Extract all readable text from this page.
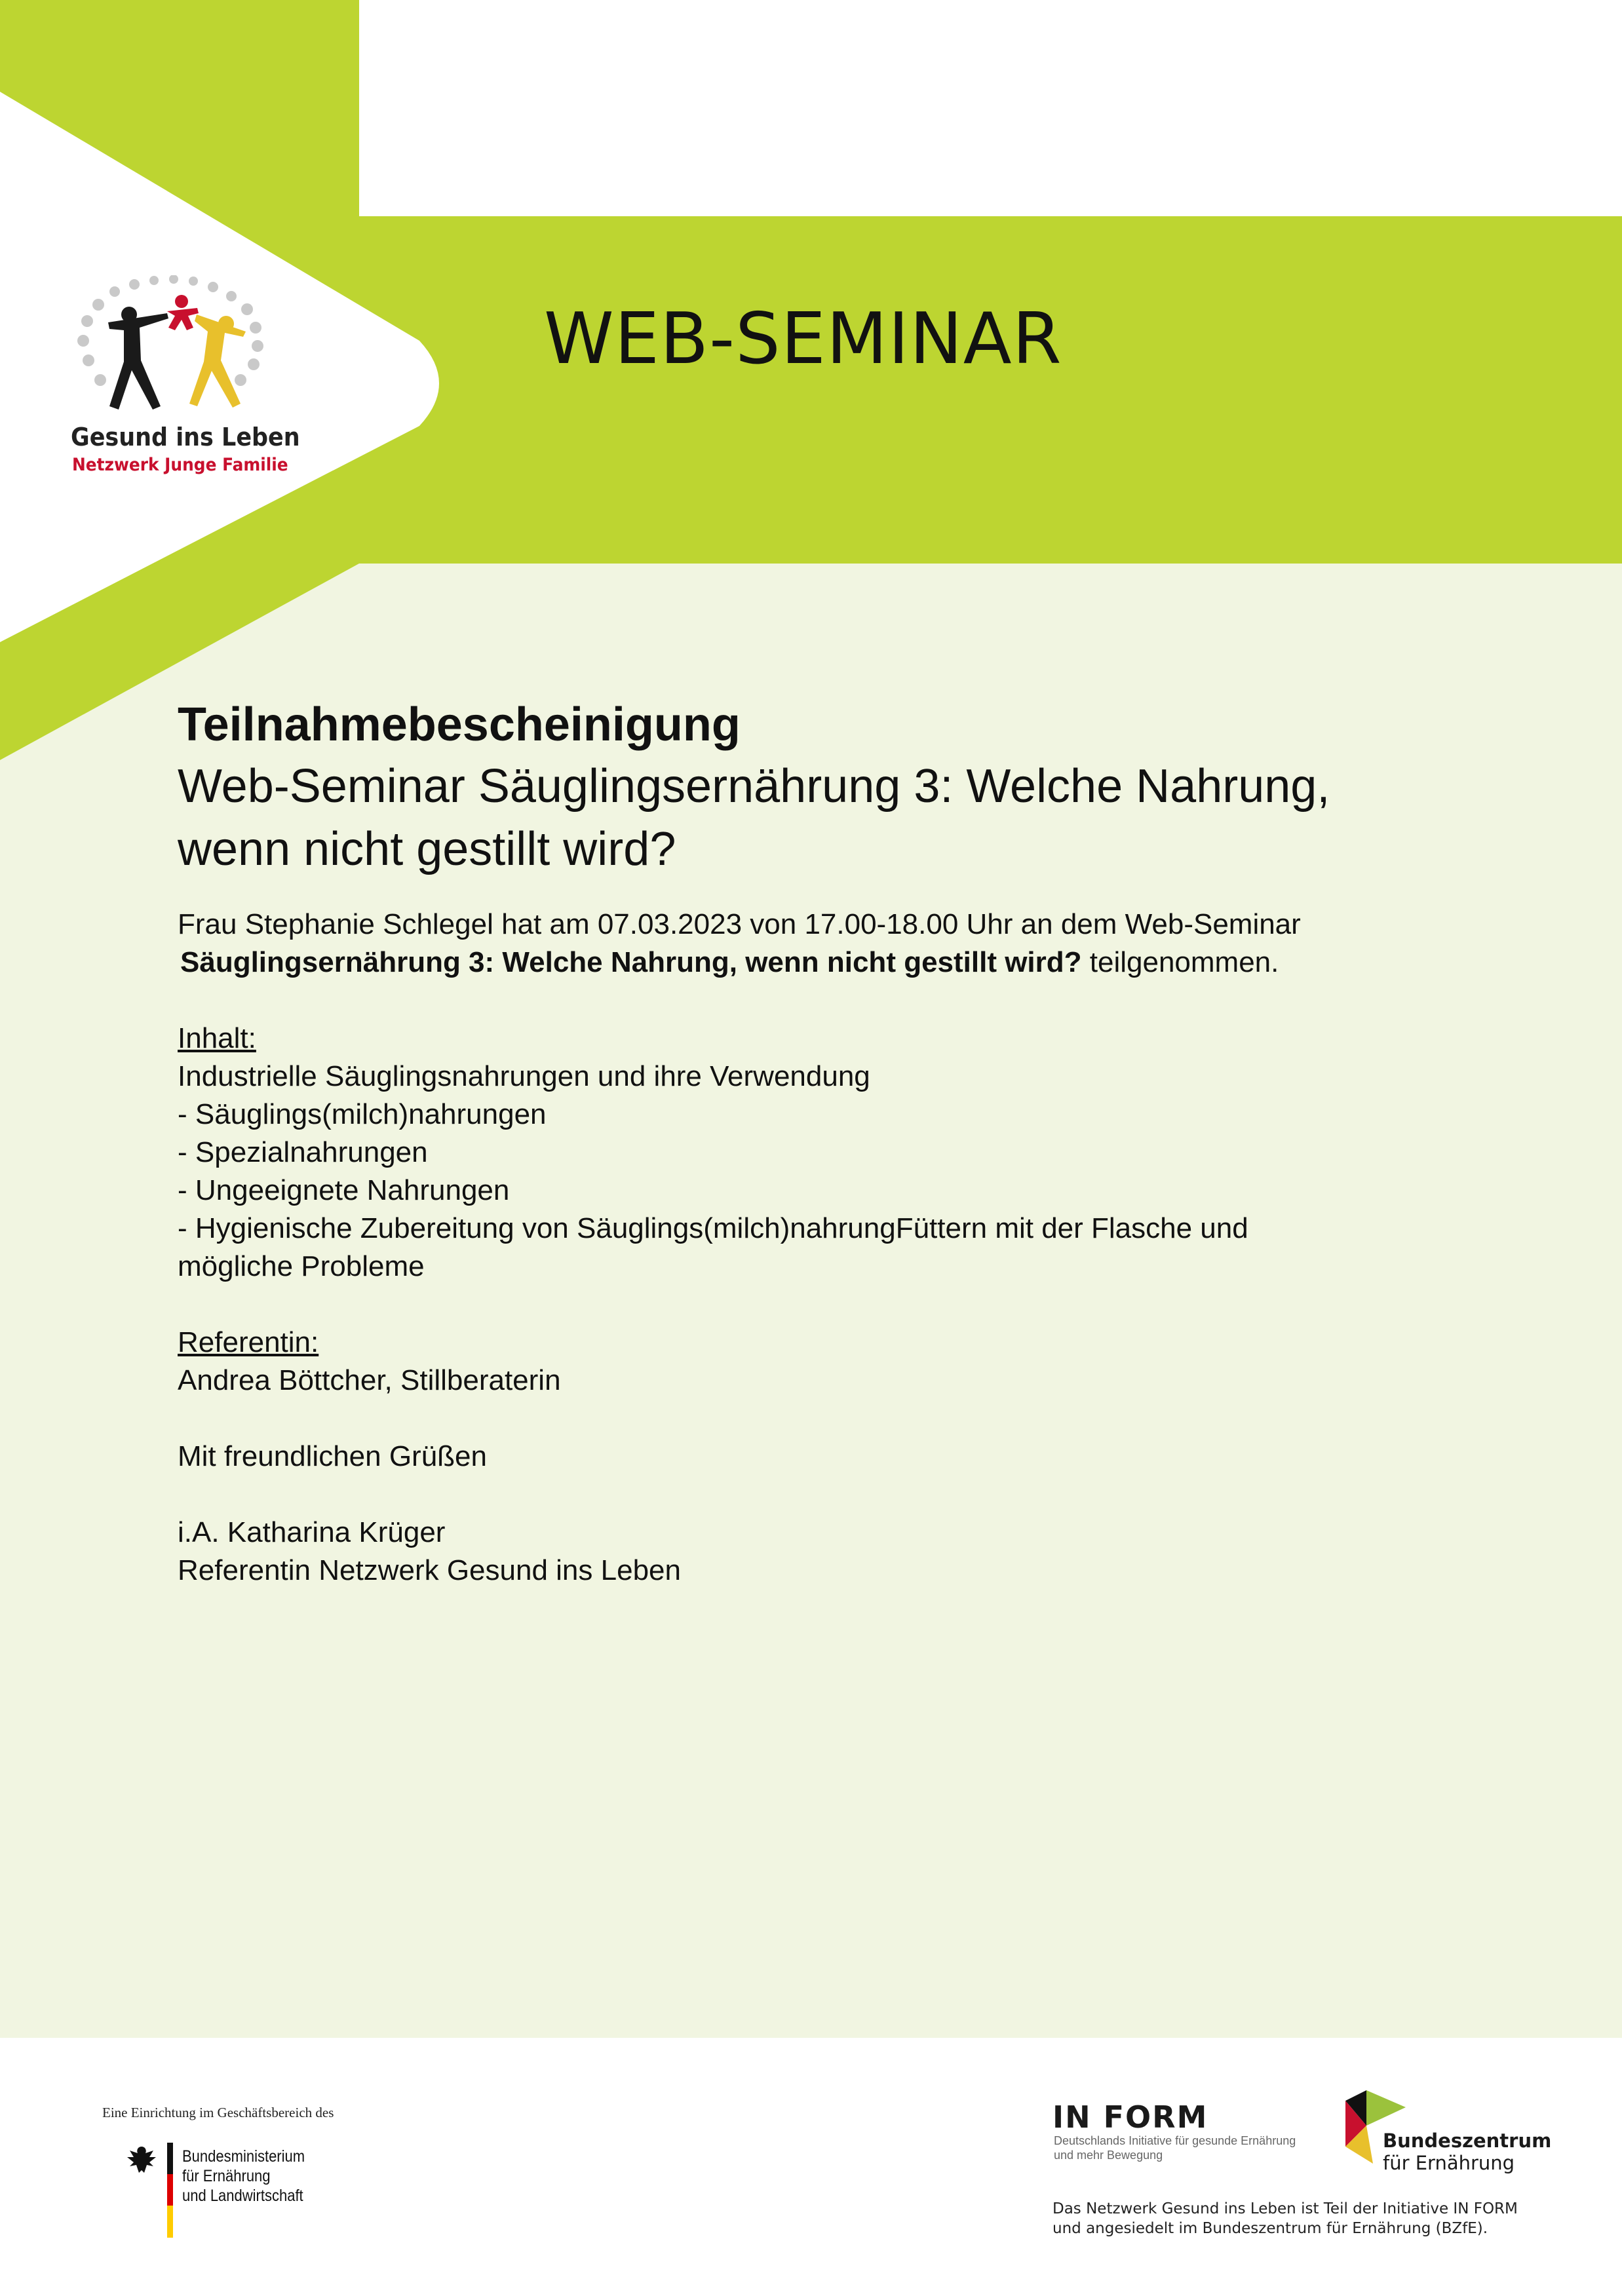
Gesund ins Leben
Netzwerk Junge Familie
WEB-SEMINAR
Teilnahmebescheinigung
Web-Seminar Säuglingsernährung 3: Welche Nahrung,
wenn nicht gestillt wird?

Frau Stephanie Schlegel hat am 07.03.2023 von 17.00-18.00 Uhr an dem Web-Seminar

Säuglingsernährung 3: Welche Nahrung, wenn nicht gestillt wird? teilgenommen.

Inhalt:

Industrielle Säuglingsnahrungen und ihre Verwendung

- Säuglings(milch)nahrungen

- Spezialnahrungen

- Ungeeignete Nahrungen

- Hygienische Zubereitung von Säuglings(milch)nahrungFüttern mit der Flasche und

mögliche Probleme

Referentin:

Andrea Böttcher, Stillberaterin

Mit freundlichen Grüßen

i.A. Katharina Krüger

Referentin Netzwerk Gesund ins Leben

Eine Einrichtung im Geschäftsbereich des
Bundesministerium
für Ernährung
und Landwirtschaft
IN FORM
Deutschlands Initiative für gesunde Ernährung
und mehr Bewegung
Bundeszentrum
für Ernährung
Das Netzwerk Gesund ins Leben ist Teil der Initiative IN FORM
und angesiedelt im Bundeszentrum für Ernährung (BZfE).
